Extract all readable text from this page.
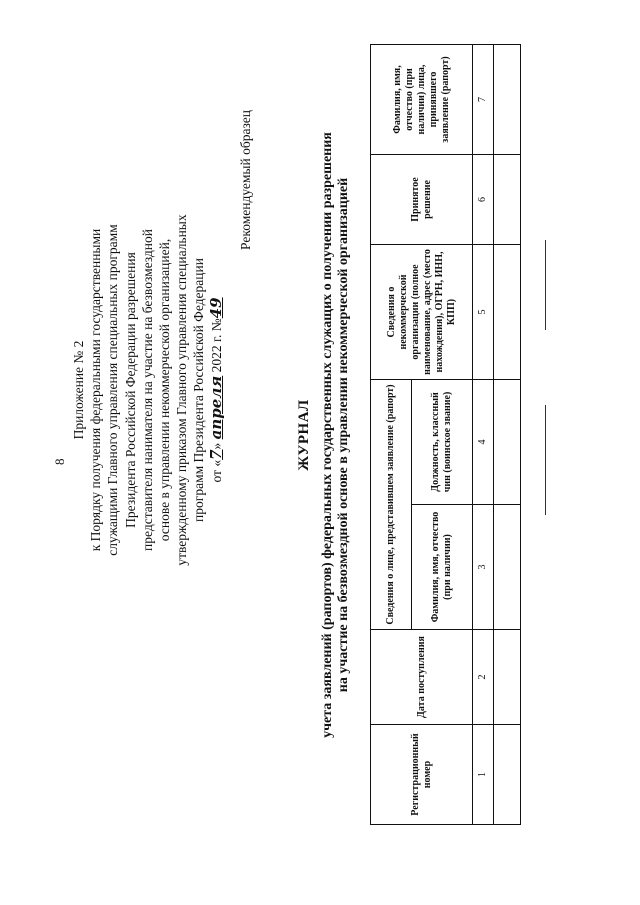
8
Приложение № 2 к Порядку получения федеральными государственными служащими Главного управления специальных программ Президента Российской Федерации разрешения представителя нанимателя на участие на безвозмездной основе в управлении некоммерческой организацией, утвержденному приказом Главного управления специальных программ Президента Российской Федерации от «7» апреля 2022 г. №49
Рекомендуемый образец
ЖУРНАЛ учета заявлений (рапортов) федеральных государственных служащих о получении разрешения на участие на безвозмездной основе в управлении некоммерческой организацией
Регистрационный номер	Дата поступления	Сведения о лице, представившем заявление (рапорт)		Сведения о некоммерческой организации (полное наименование, адрес (место нахождения), ОГРН, ИНН, КПП)	Принятое решение	Фамилия, имя, отчество (при наличии) лица, принявшего заявление (рапорт)
		Фамилия, имя, отчество (при наличии)	Должность, классный чин (воинское звание)			
1	2	3	4	5	6	7
